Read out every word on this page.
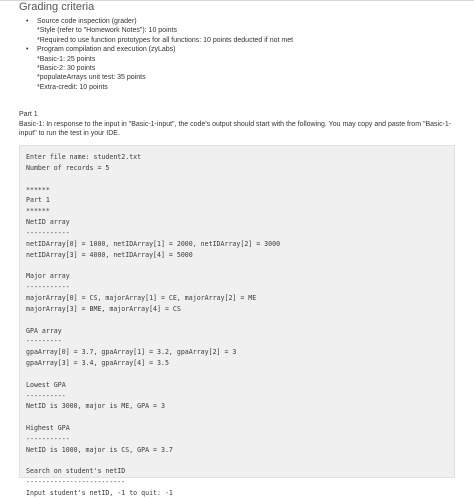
Grading criteria
• Source code inspection (grader)
*Style (refer to "Homework Notes"): 10 points
*Required to use function prototypes for all functions: 10 points deducted if not met
• Program compilation and execution (zyLabs)
*Basic-1: 25 points
*Basic-2: 30 points
*populateArrays unit test: 35 points
*Extra-credit: 10 points
Part 1
Basic-1: In response to the input in "Basic-1-input", the code's output should start with the following. You may copy and paste from "Basic-1-input" to run the test in your IDE.
Enter file name: student2.txt
Number of records = 5
******
Part 1
******
NetID array
-----------
netIDArray[0] = 1000, netIDArray[1] = 2000, netIDArray[2] = 3000
netIDArray[3] = 4000, netIDArray[4] = 5000
Major array
-----------
majorArray[0] = CS, majorArray[1] = CE, majorArray[2] = ME
majorArray[3] = BME, majorArray[4] = CS
GPA array
---------
gpaArray[0] = 3.7, gpaArray[1] = 3.2, gpaArray[2] = 3
gpaArray[3] = 3.4, gpaArray[4] = 3.5
Lowest GPA
----------
NetID is 3000, major is ME, GPA = 3
Highest GPA
-----------
NetID is 1000, major is CS, GPA = 3.7
Search on student's netID
-------------------------
Input student's netID, -1 to quit: -1
